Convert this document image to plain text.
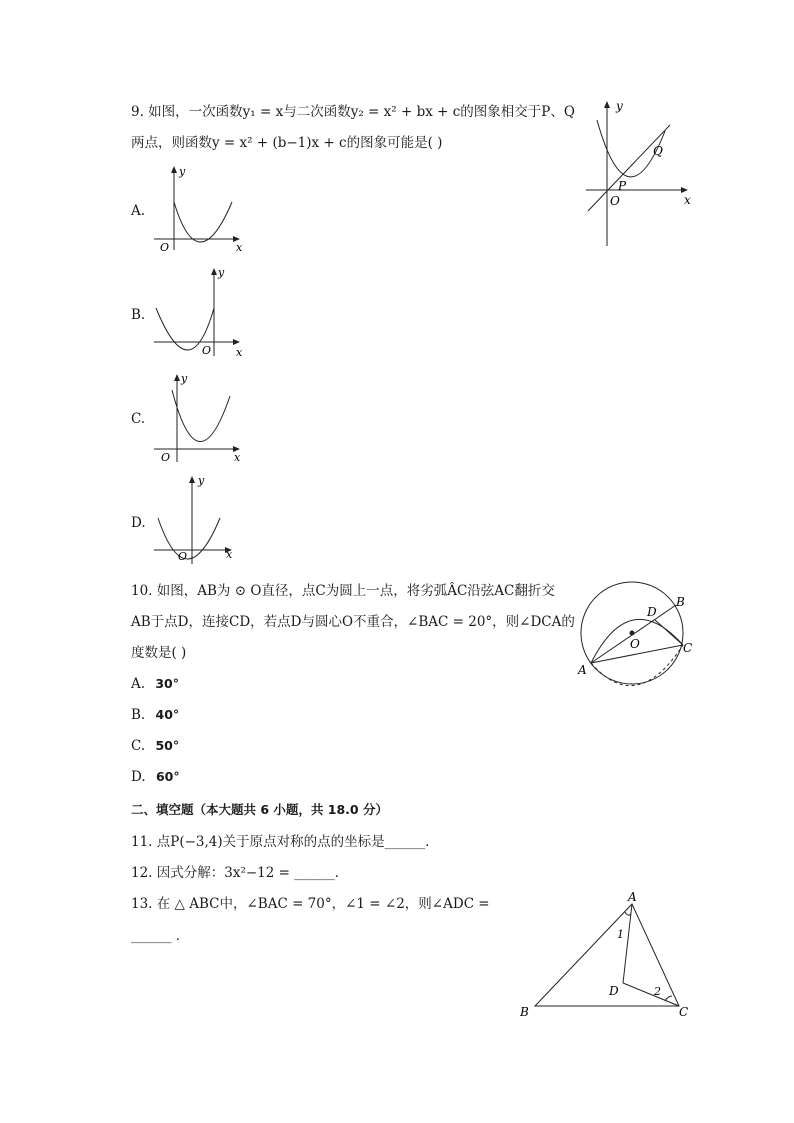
9. 如图，一次函数y₁ = x与二次函数y₂ = x² + bx + c的图象相交于P、Q
两点，则函数y = x² + (b−1)x + c的图象可能是( )
y
x
O
P
Q
A.
y
x
O
B.
y
x
O
C.
y
x
O
D.
y
x
O
10. 如图，AB为 ⊙ O直径，点C为圆上一点，将劣弧ÂC沿弦AC翻折交
AB于点D，连接CD，若点D与圆心O不重合，∠BAC = 20°，则∠DCA的
度数是( )
A
B
C
D
O
A. 30°
B. 40°
C. 50°
D. 60°
二、填空题（本大题共 6 小题，共 18.0 分）
11. 点P(−3,4)关于原点对称的点的坐标是______．
12. 因式分解：3x²−12 = ______．
13. 在 △ ABC中，∠BAC = 70°，∠1 = ∠2，则∠ADC =
______ ．
A
B	C
D
1
2
